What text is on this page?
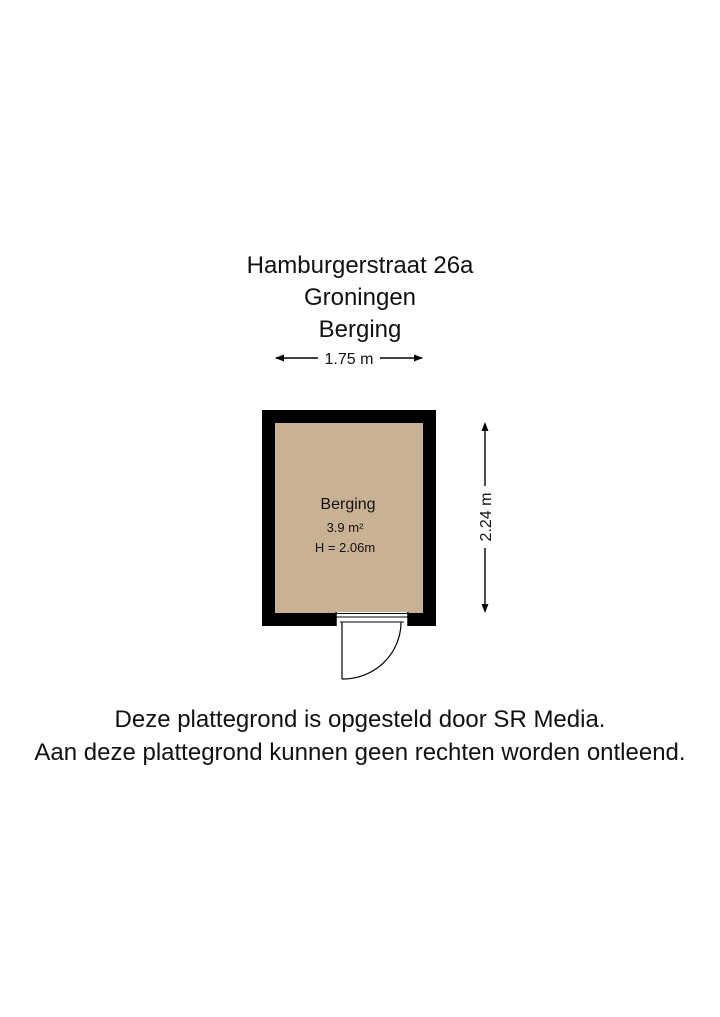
Hamburgerstraat 26a
Groningen
Berging
1.75 m
2.24 m
Berging
3.9 m²
H = 2.06m
Deze plattegrond is opgesteld door SR Media.
Aan deze plattegrond kunnen geen rechten worden ontleend.
